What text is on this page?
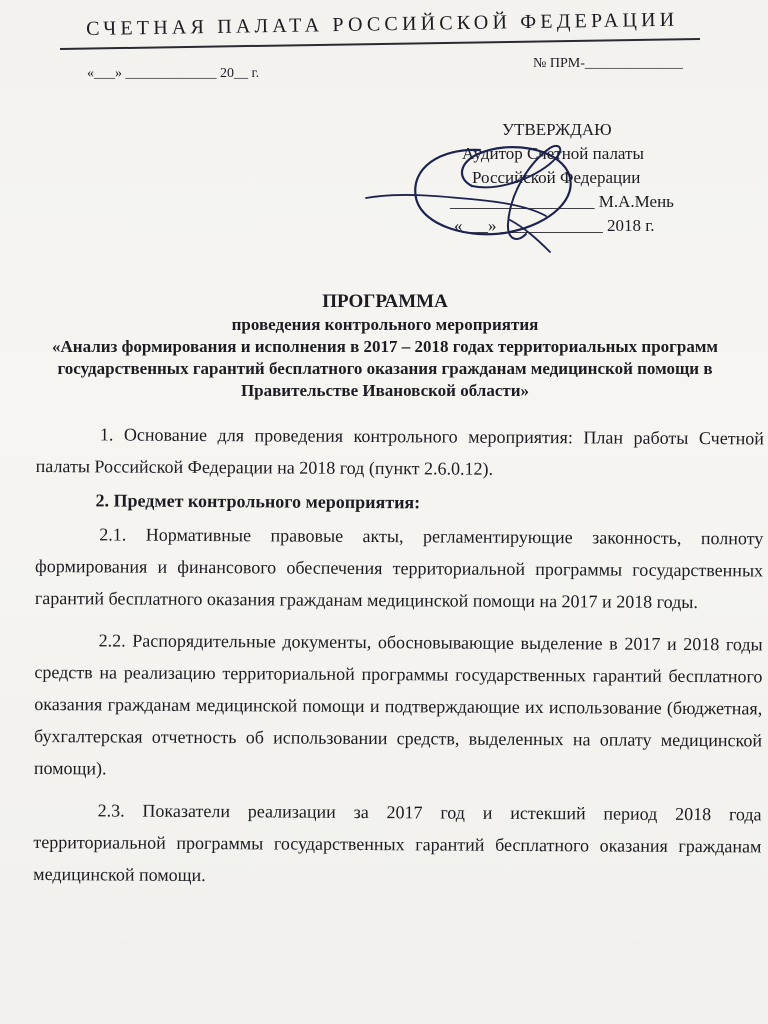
СЧЕТНАЯ ПАЛАТА РОССИЙСКОЙ ФЕДЕРАЦИИ
«___» _____________ 20__ г.
№ ПРМ-______________
УТВЕРЖДАЮ
Аудитор Счетной палаты
Российской Федерации
_________________ М.А.Мень
«___» ____________ 2018 г.
ПРОГРАММА
проведения контрольного мероприятия
«Анализ формирования и исполнения в 2017 – 2018 годах территориальных программ государственных гарантий бесплатного оказания гражданам медицинской помощи в Правительстве Ивановской области»

1. Основание для проведения контрольного мероприятия: План работы Счетной палаты Российской Федерации на 2018 год (пункт 2.6.0.12).

2. Предмет контрольного мероприятия:

2.1. Нормативные правовые акты, регламентирующие законность, полноту формирования и финансового обеспечения территориальной программы государственных гарантий бесплатного оказания гражданам медицинской помощи на 2017 и 2018 годы.

2.2. Распорядительные документы, обосновывающие выделение в 2017 и 2018 годы средств на реализацию территориальной программы государственных гарантий бесплатного оказания гражданам медицинской помощи и подтверждающие их использование (бюджетная, бухгалтерская отчетность об использовании средств, выделенных на оплату медицинской помощи).

2.3. Показатели реализации за 2017 год и истекший период 2018 года территориальной программы государственных гарантий бесплатного оказания гражданам медицинской помощи.
